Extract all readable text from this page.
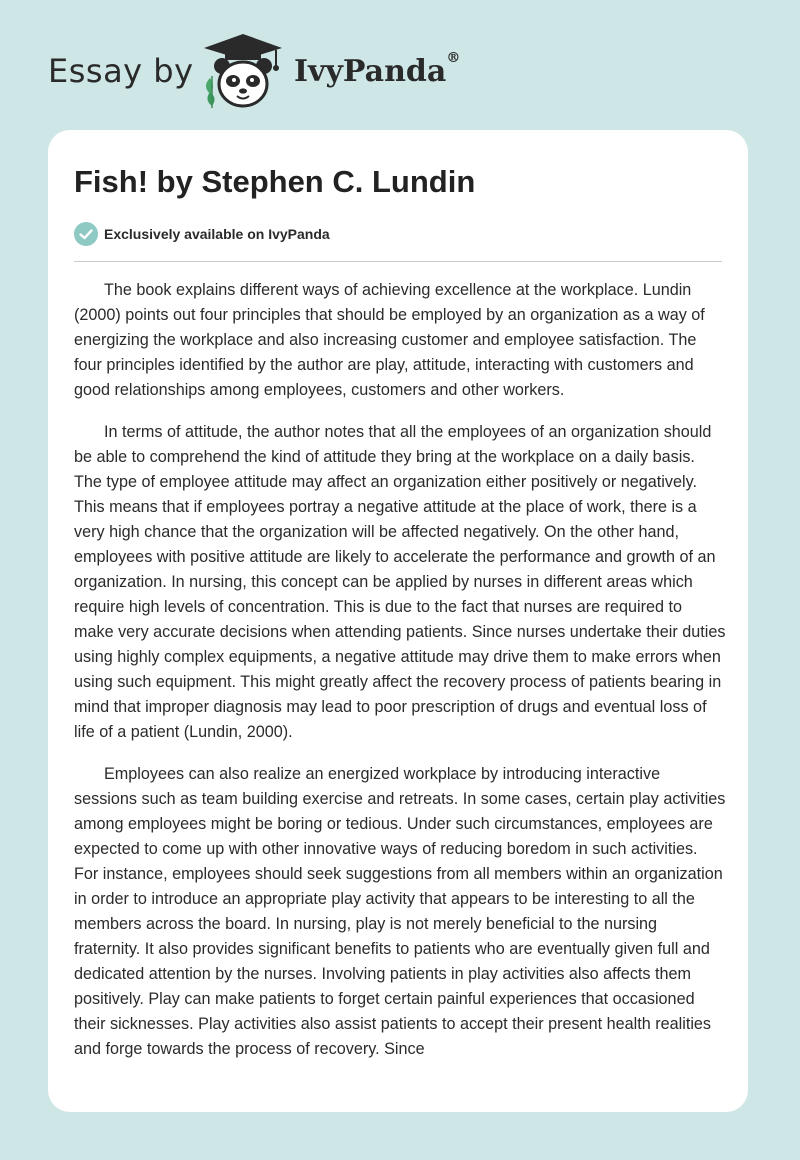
Essay by	IvyPanda®
Fish! by Stephen C. Lundin
Exclusively available on IvyPanda

The book explains different ways of achieving excellence at the workplace. Lundin (2000) points out four principles that should be employed by an organization as a way of energizing the workplace and also increasing customer and employee satisfaction. The four principles identified by the author are play, attitude, interacting with customers and good relationships among employees, customers and other workers.

In terms of attitude, the author notes that all the employees of an organization should be able to comprehend the kind of attitude they bring at the workplace on a daily basis. The type of employee attitude may affect an organization either positively or negatively. This means that if employees portray a negative attitude at the place of work, there is a very high chance that the organization will be affected negatively. On the other hand, employees with positive attitude are likely to accelerate the performance and growth of an organization. In nursing, this concept can be applied by nurses in different areas which require high levels of concentration. This is due to the fact that nurses are required to make very accurate decisions when attending patients. Since nurses undertake their duties using highly complex equipments, a negative attitude may drive them to make errors when using such equipment. This might greatly affect the recovery process of patients bearing in mind that improper diagnosis may lead to poor prescription of drugs and eventual loss of life of a patient (Lundin, 2000).

Employees can also realize an energized workplace by introducing interactive sessions such as team building exercise and retreats. In some cases, certain play activities among employees might be boring or tedious. Under such circumstances, employees are expected to come up with other innovative ways of reducing boredom in such activities. For instance, employees should seek suggestions from all members within an organization in order to introduce an appropriate play activity that appears to be interesting to all the members across the board. In nursing, play is not merely beneficial to the nursing fraternity. It also provides significant benefits to patients who are eventually given full and dedicated attention by the nurses. Involving patients in play activities also affects them positively. Play can make patients to forget certain painful experiences that occasioned their sicknesses. Play activities also assist patients to accept their present health realities and forge towards the process of recovery. Since
